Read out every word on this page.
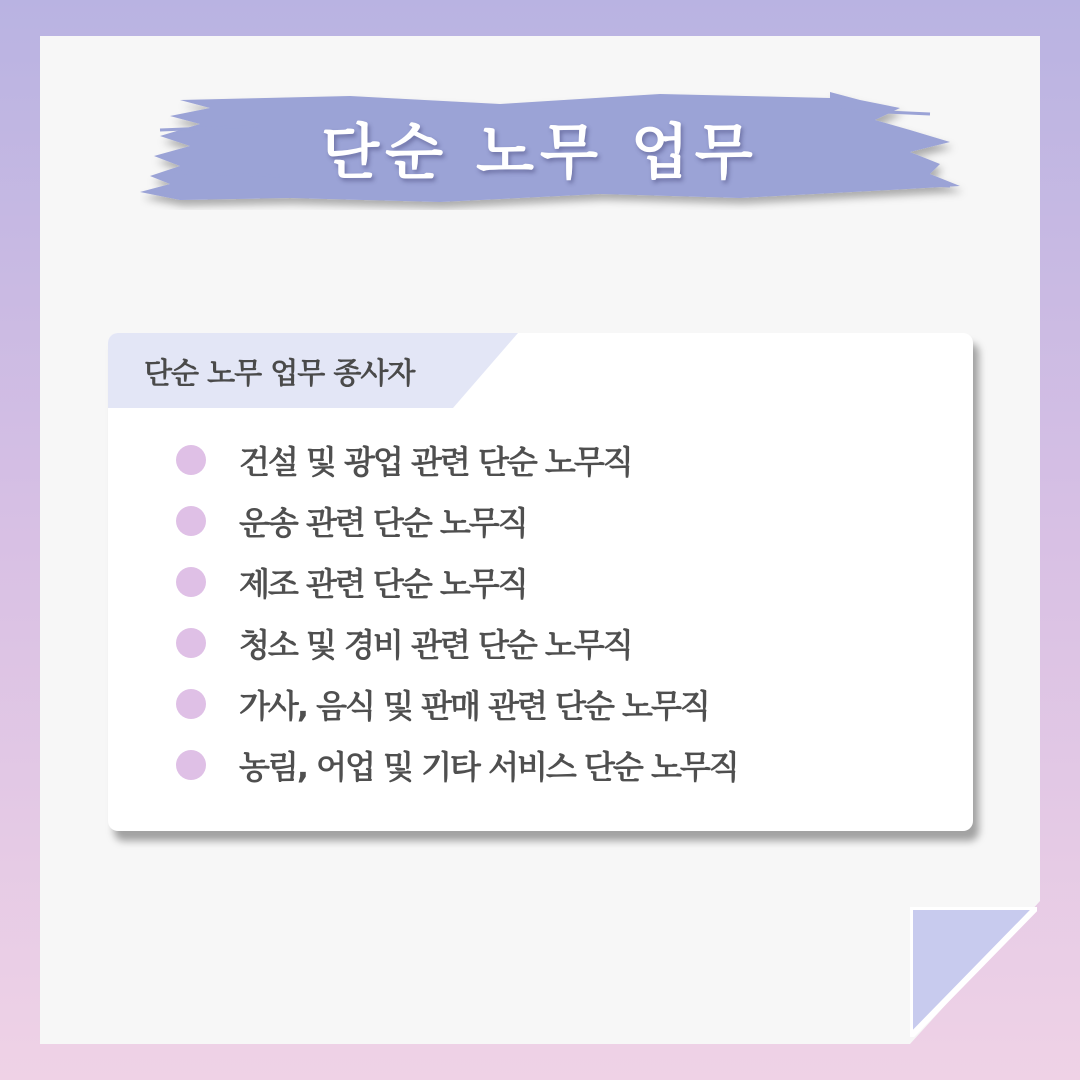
단순 노무 업무
단순 노무 업무 종사자
건설 및 광업 관련 단순 노무직
운송 관련 단순 노무직
제조 관련 단순 노무직
청소 및 경비 관련 단순 노무직
가사, 음식 및 판매 관련 단순 노무직
농림, 어업 및 기타 서비스 단순 노무직
